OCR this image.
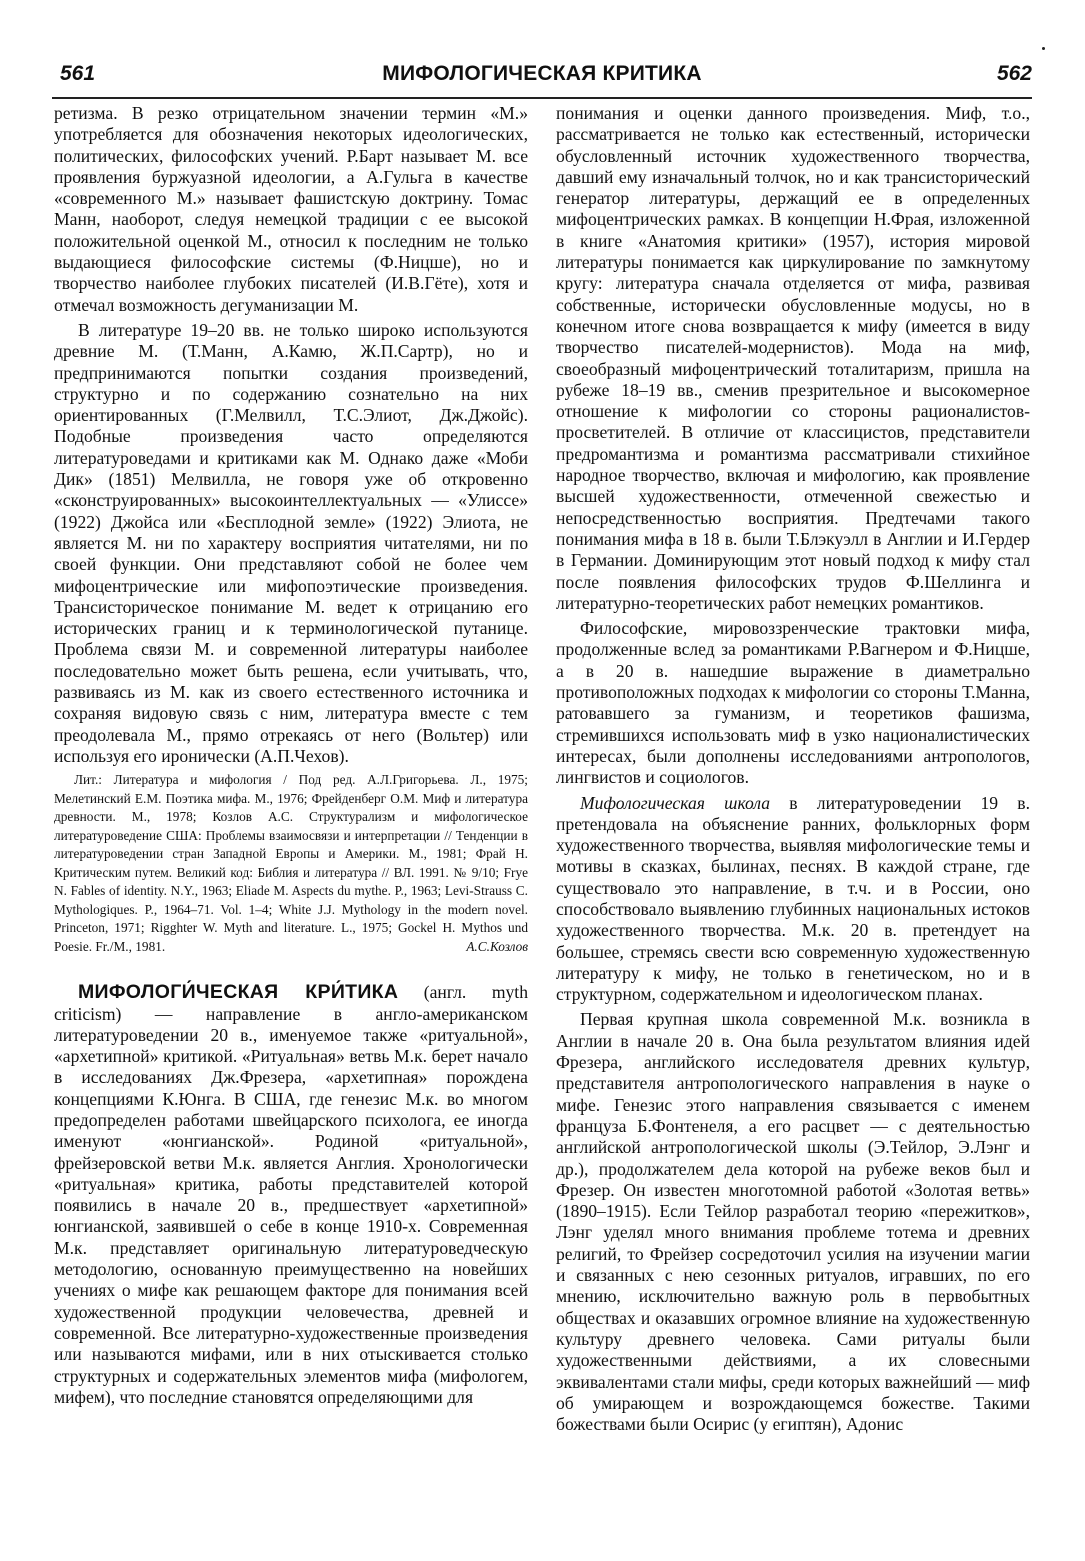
561	МИФОЛОГИЧЕСКАЯ КРИТИКА	562

ретизма. В резко отрицательном значении термин «М.» употребляется для обозначения некоторых идеологических, политических, философских учений. Р.Барт называет М. все проявления буржуазной идеологии, а А.Гульга в качестве «современного М.» называет фашистскую доктрину. Томас Манн, наоборот, следуя немецкой традиции с ее высокой положительной оценкой М., относил к последним не только выдающиеся философские системы (Ф.Ницше), но и творчество наиболее глубоких писателей (И.В.Гёте), хотя и отмечал возможность дегуманизации М.

В литературе 19–20 вв. не только широко используются древние М. (Т.Манн, А.Камю, Ж.П.Сартр), но и предпринимаются попытки создания произведений, структурно и по содержанию сознательно на них ориентированных (Г.Мелвилл, Т.С.Элиот, Дж.Джойс). Подобные произведения часто определяются литературоведами и критиками как М. Однако даже «Моби Дик» (1851) Мелвилла, не говоря уже об откровенно «сконструированных» высокоинтеллектуальных — «Улиссе» (1922) Джойса или «Бесплодной земле» (1922) Элиота, не является М. ни по характеру восприятия читателями, ни по своей функции. Они представляют собой не более чем мифоцентрические или мифопоэтические произведения. Трансисторическое понимание М. ведет к отрицанию его исторических границ и к терминологической путанице. Проблема связи М. и современной литературы наиболее последовательно может быть решена, если учитывать, что, развиваясь из М. как из своего естественного источника и сохраняя видовую связь с ним, литература вместе с тем преодолевала М., прямо отрекаясь от него (Вольтер) или используя его иронически (А.П.Чехов).

Лит.: Литература и мифология / Под ред. А.Л.Григорьева. Л., 1975; Мелетинский Е.М. Поэтика мифа. М., 1976; Фрейденберг О.М. Миф и литература древности. М., 1978; Козлов А.С. Структурализм и мифологическое литературоведение США: Проблемы взаимосвязи и интерпретации // Тенденции в литературоведении стран Западной Европы и Америки. М., 1981; Фрай Н. Критическим путем. Великий код: Библия и литература // ВЛ. 1991. № 9/10; Frye N. Fables of identity. N.Y., 1963; Eliade M. Aspects du mythe. P., 1963; Levi-Strauss C. Mythologiques. P., 1964–71. Vol. 1–4; White J.J. Mythology in the modern novel. Princeton, 1971; Rigghter W. Myth and literature. L., 1975; Gockel H. Mythos und Poesie. Fr./M., 1981.	А.С.Козлов

МИФОЛОГИ́ЧЕСКАЯ КРИ́ТИКА (англ. myth criticism) — направление в англо-американском литературоведении 20 в., именуемое также «ритуальной», «архетипной» критикой. «Ритуальная» ветвь М.к. берет начало в исследованиях Дж.Фрезера, «архетипная» порождена концепциями К.Юнга. В США, где генезис М.к. во многом предопределен работами швейцарского психолога, ее иногда именуют «юнгианской». Родиной «ритуальной», фрейзеровской ветви М.к. является Англия. Хронологически «ритуальная» критика, работы представителей которой появились в начале 20 в., предшествует «архетипной» юнгианской, заявившей о себе в конце 1910-х. Современная М.к. представляет оригинальную литературоведческую методологию, основанную преимущественно на новейших учениях о мифе как решающем факторе для понимания всей художественной продукции человечества, древней и современной. Все литературно-художественные произведения или называются мифами, или в них отыскивается столько структурных и содержательных элементов мифа (мифологем, мифем), что последние становятся определяющими для

понимания и оценки данного произведения. Миф, т.о., рассматривается не только как естественный, исторически обусловленный источник художественного творчества, давший ему изначальный толчок, но и как трансисторический генератор литературы, держащий ее в определенных мифоцентрических рамках. В концепции Н.Фрая, изложенной в книге «Анатомия критики» (1957), история мировой литературы понимается как циркулирование по замкнутому кругу: литература сначала отделяется от мифа, развивая собственные, исторически обусловленные модусы, но в конечном итоге снова возвращается к мифу (имеется в виду творчество писателей-модернистов). Мода на миф, своеобразный мифоцентрический тоталитаризм, пришла на рубеже 18–19 вв., сменив презрительное и высокомерное отношение к мифологии со стороны рационалистов-просветителей. В отличие от классицистов, представители предромантизма и романтизма рассматривали стихийное народное творчество, включая и мифологию, как проявление высшей художественности, отмеченной свежестью и непосредственностью восприятия. Предтечами такого понимания мифа в 18 в. были Т.Блэкуэлл в Англии и И.Гердер в Германии. Доминирующим этот новый подход к мифу стал после появления философских трудов Ф.Шеллинга и литературно-теоретических работ немецких романтиков.

Философские, мировоззренческие трактовки мифа, продолженные вслед за романтиками Р.Вагнером и Ф.Ницше, а в 20 в. нашедшие выражение в диаметрально противоположных подходах к мифологии со стороны Т.Манна, ратовавшего за гуманизм, и теоретиков фашизма, стремившихся использовать миф в узко националистических интересах, были дополнены исследованиями антропологов, лингвистов и социологов.

Мифологическая школа в литературоведении 19 в. претендовала на объяснение ранних, фольклорных форм художественного творчества, выявляя мифологические темы и мотивы в сказках, былинах, песнях. В каждой стране, где существовало это направление, в т.ч. и в России, оно способствовало выявлению глубинных национальных истоков художественного творчества. М.к. 20 в. претендует на большее, стремясь свести всю современную художественную литературу к мифу, не только в генетическом, но и в структурном, содержательном и идеологическом планах.

Первая крупная школа современной М.к. возникла в Англии в начале 20 в. Она была результатом влияния идей Фрезера, английского исследователя древних культур, представителя антропологического направления в науке о мифе. Генезис этого направления связывается с именем француза Б.Фонтенеля, а его расцвет — с деятельностью английской антропологической школы (Э.Тейлор, Э.Лэнг и др.), продолжателем дела которой на рубеже веков был и Фрезер. Он известен многотомной работой «Золотая ветвь» (1890–1915). Если Тейлор разработал теорию «пережитков», Лэнг уделял много внимания проблеме тотема и древних религий, то Фрейзер сосредоточил усилия на изучении магии и связанных с нею сезонных ритуалов, игравших, по его мнению, исключительно важную роль в первобытных обществах и оказавших огромное влияние на художественную культуру древнего человека. Сами ритуалы были художественными действиями, а их словесными эквивалентами стали мифы, среди которых важнейший — миф об умирающем и возрождающемся божестве. Такими божествами были Осирис (у египтян), Адонис
